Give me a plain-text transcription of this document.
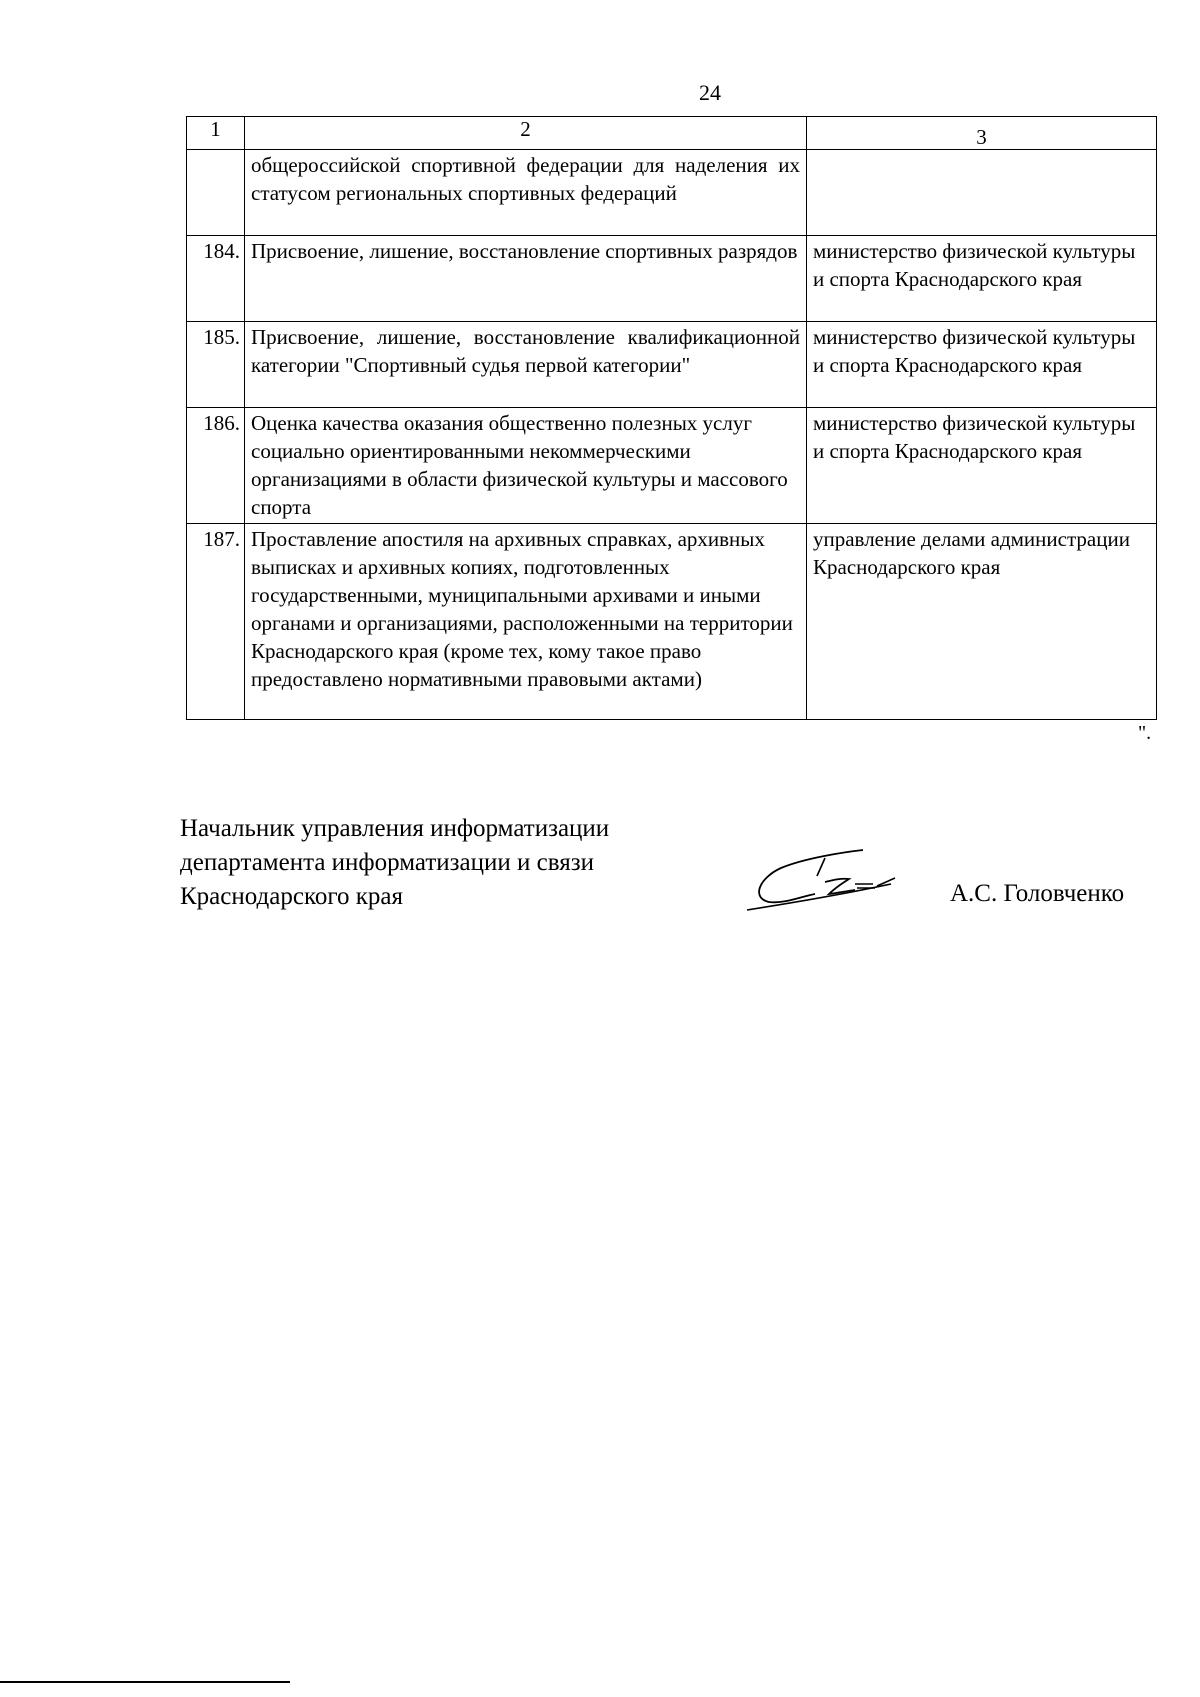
24
1	2	3
	общероссийской спортивной федерации для наделения их статусом региональных спортивных федераций	
184.	Присвоение, лишение, восстановление спортивных разрядов	министерство физической культуры и спорта Краснодарского края
185.	Присвоение, лишение, восстановление квалификационной категории "Спортивный судья первой категории"	министерство физической культуры и спорта Краснодарского края
186.	Оценка качества оказания общественно полезных услуг социально ориентированными некоммерческими организациями в области физической культуры и массового спорта	министерство физической культуры и спорта Краснодарского края
187.	Проставление апостиля на архивных справках, архивных выписках и архивных копиях, подготовленных государственными, муниципальными архивами и иными органами и организациями, расположенными на территории Краснодарского края (кроме тех, кому такое право предоставлено нормативными правовыми актами)	управление делами администрации Краснодарского края
".
Начальник управления информатизации
департамента информатизации и связи
Краснодарского края	А.С. Головченко
